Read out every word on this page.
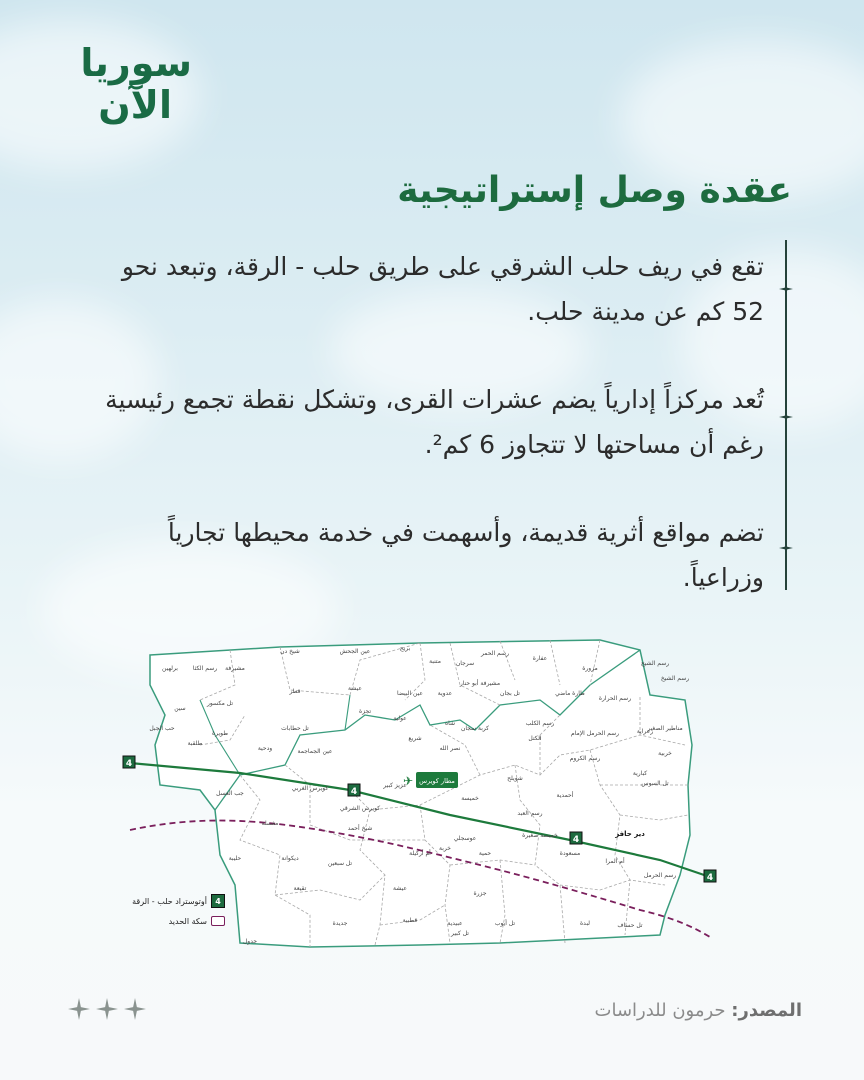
سوريا
الآن
عقدة وصل إستراتيجية

تقع في ريف حلب الشرقي على طريق حلب - الرقة، وتبعد نحو 52 كم عن مدينة حلب.

تُعد مركزاً إدارياً يضم عشرات القرى، وتشكل نقطة تجمع رئيسية رغم أن مساحتها لا تتجاوز 6 كم².

تضم مواقع أثرية قديمة، وأسهمت في خدمة محيطها تجارياً وزراعياً.

4
4
4
4
مطار كويرس
✈
دير حافر
رسم الشيح
مشيرفة
شيخ دن	عين الجحش	بريج
متنبة سرجان
رسم الحمر
عفارة
رسم الشيخ
مزورة
برلهين رسم الكثا
قطر	عيشة
عين البيضا عدوية
مشيرفة أبو حنار
تل بجان	طارة ماضي
رسم الحرارة
مناطير الصغير
سين
تل مكسور
طويرة
تل حطابات
تجزة
عولية
شاه
كربة سجان
رسم الكلب
رسم الحرمل الإمام	زعراية
خربية
حب الجبل
طلقبة
ودحية	عين الجماجمة
شريع
نصر الله
الكتل
رسم الكروم
كبارية
تل السوس
جب العسل
كويرس الغربي	عزيز كبير
كويرس الشرقي
خميسة
شويلح
أحمدية
رسم العبد
مغسلة
شيخ أحمد
عوسجلي	خميسة صغيرة
مسعودة
أم المرا
ديكوانة
تل سبعين
أم أركيلة
خربة
حمية
رسم الحرمل
حليبة
تقيعة
جديدة
عيشة
جزرة
قطبية	تل أيوب
عبيدية
تل كبير
لبدة	تل حساف
جدول
4
أوتوستراد حلب - الرقة
سكة الحديد
المصدر: حرمون للدراسات
